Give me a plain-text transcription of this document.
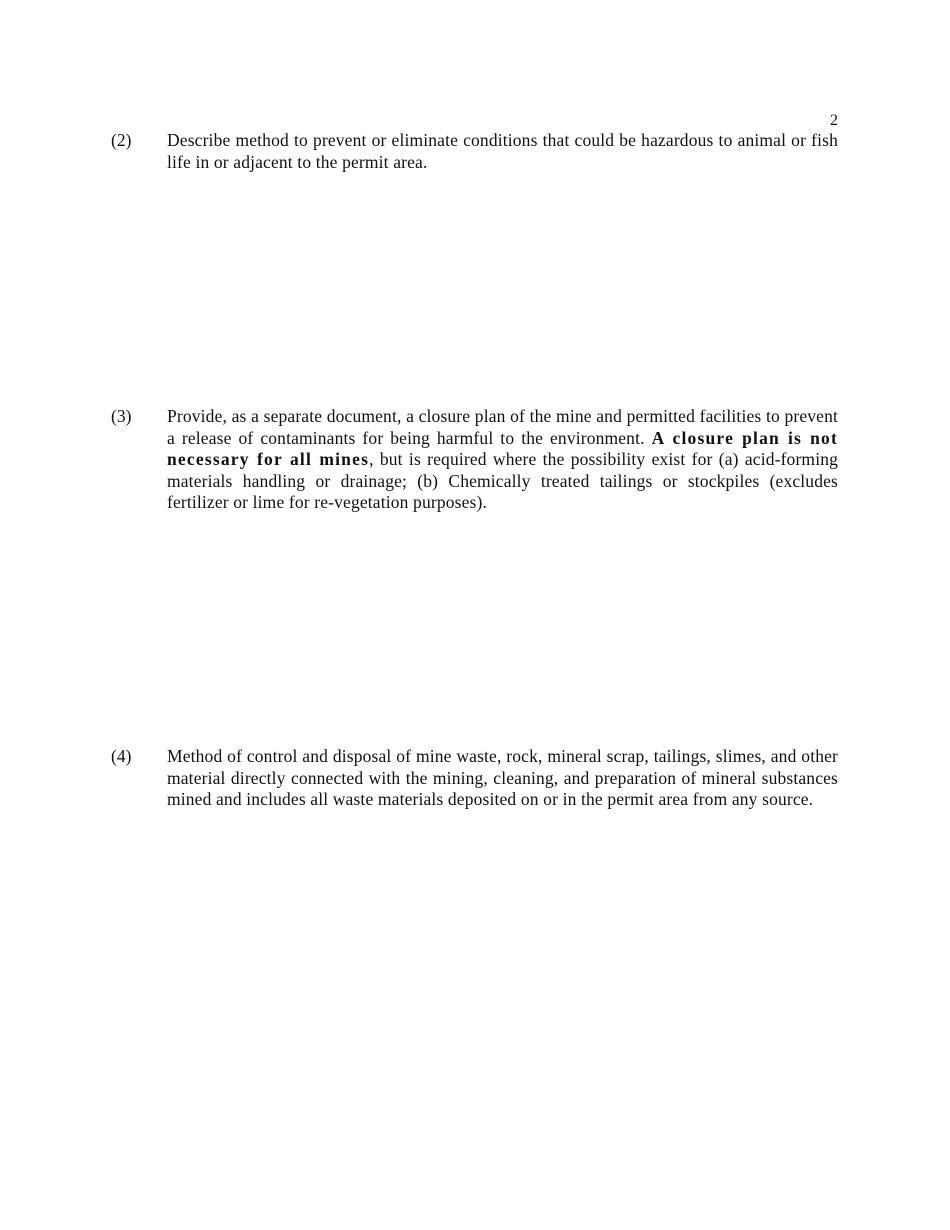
2
(2)	Describe method to prevent or eliminate conditions that could be hazardous to animal or fish life in or adjacent to the permit area.
(3)	Provide, as a separate document, a closure plan of the mine and permitted facilities to prevent a release of contaminants for being harmful to the environment. A closure plan is not necessary for all mines, but is required where the possibility exist for (a) acid-forming materials handling or drainage; (b) Chemically treated tailings or stockpiles (excludes fertilizer or lime for re-vegetation purposes).
(4)	Method of control and disposal of mine waste, rock, mineral scrap, tailings, slimes, and other material directly connected with the mining, cleaning, and preparation of mineral substances mined and includes all waste materials deposited on or in the permit area from any source.
